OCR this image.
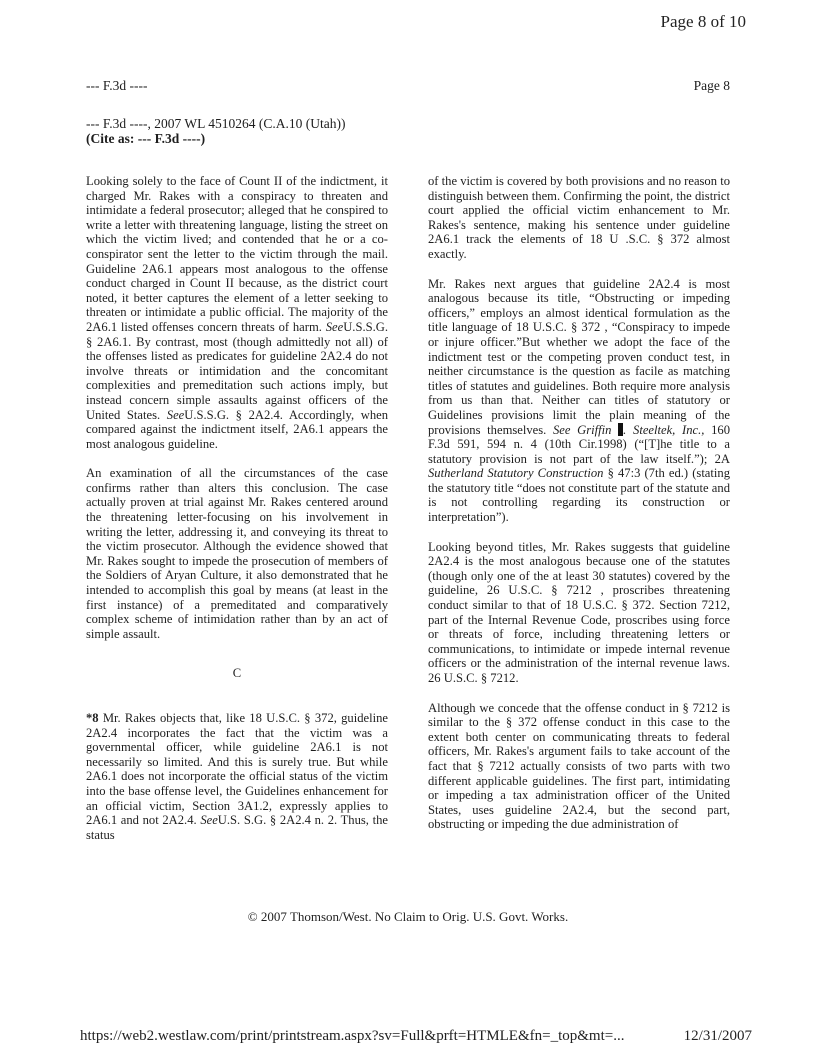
Page 8 of 10
--- F.3d ----	Page 8
--- F.3d ----, 2007 WL 4510264 (C.A.10 (Utah))
(Cite as: --- F.3d ----)

Looking solely to the face of Count II of the indictment, it charged Mr. Rakes with a conspiracy to threaten and intimidate a federal prosecutor; alleged that he conspired to write a letter with threatening language, listing the street on which the victim lived; and contended that he or a co-conspirator sent the letter to the victim through the mail. Guideline 2A6.1 appears most analogous to the offense conduct charged in Count II because, as the district court noted, it better captures the element of a letter seeking to threaten or intimidate a public official. The majority of the 2A6.1 listed offenses concern threats of harm. SeeU.S.S.G. § 2A6.1. By contrast, most (though admittedly not all) of the offenses listed as predicates for guideline 2A2.4 do not involve threats or intimidation and the concomitant complexities and premeditation such actions imply, but instead concern simple assaults against officers of the United States. SeeU.S.S.G. § 2A2.4. Accordingly, when compared against the indictment itself, 2A6.1 appears the most analogous guideline.

An examination of all the circumstances of the case confirms rather than alters this conclusion. The case actually proven at trial against Mr. Rakes centered around the threatening letter-focusing on his involvement in writing the letter, addressing it, and conveying its threat to the victim prosecutor. Although the evidence showed that Mr. Rakes sought to impede the prosecution of members of the Soldiers of Aryan Culture, it also demonstrated that he intended to accomplish this goal by means (at least in the first instance) of a premeditated and comparatively complex scheme of intimidation rather than by an act of simple assault.

C

*8 Mr. Rakes objects that, like 18 U.S.C. § 372, guideline 2A2.4 incorporates the fact that the victim was a governmental officer, while guideline 2A6.1 is not necessarily so limited. And this is surely true. But while 2A6.1 does not incorporate the official status of the victim into the base offense level, the Guidelines enhancement for an official victim, Section 3A1.2, expressly applies to 2A6.1 and not 2A2.4. SeeU.S. S.G. § 2A2.4 n. 2. Thus, the status

of the victim is covered by both provisions and no reason to distinguish between them. Confirming the point, the district court applied the official victim enhancement to Mr. Rakes's sentence, making his sentence under guideline 2A6.1 track the elements of 18 U .S.C. § 372 almost exactly.

Mr. Rakes next argues that guideline 2A2.4 is most analogous because its title, “Obstructing or impeding officers,” employs an almost identical formulation as the title language of 18 U.S.C. § 372 , “Conspiracy to impede or injure officer.”But whether we adopt the face of the indictment test or the competing proven conduct test, in neither circumstance is the question as facile as matching titles of statutes and guidelines. Both require more analysis from us than that. Neither can titles of statutory or Guidelines provisions limit the plain meaning of the provisions themselves. See Griffin . Steeltek, Inc., 160 F.3d 591, 594 n. 4 (10th Cir.1998) (“[T]he title to a statutory provision is not part of the law itself.”); 2A Sutherland Statutory Construction § 47:3 (7th ed.) (stating the statutory title “does not constitute part of the statute and is not controlling regarding its construction or interpretation”).

Looking beyond titles, Mr. Rakes suggests that guideline 2A2.4 is the most analogous because one of the statutes (though only one of the at least 30 statutes) covered by the guideline, 26 U.S.C. § 7212 , proscribes threatening conduct similar to that of 18 U.S.C. § 372. Section 7212, part of the Internal Revenue Code, proscribes using force or threats of force, including threatening letters or communications, to intimidate or impede internal revenue officers or the administration of the internal revenue laws. 26 U.S.C. § 7212.

Although we concede that the offense conduct in § 7212 is similar to the § 372 offense conduct in this case to the extent both center on communicating threats to federal officers, Mr. Rakes's argument fails to take account of the fact that § 7212 actually consists of two parts with two different applicable guidelines. The first part, intimidating or impeding a tax administration officer of the United States, uses guideline 2A2.4, but the second part, obstructing or impeding the due administration of

© 2007 Thomson/West. No Claim to Orig. U.S. Govt. Works.
https://web2.westlaw.com/print/printstream.aspx?sv=Full&prft=HTMLE&fn=_top&mt=...	12/31/2007
